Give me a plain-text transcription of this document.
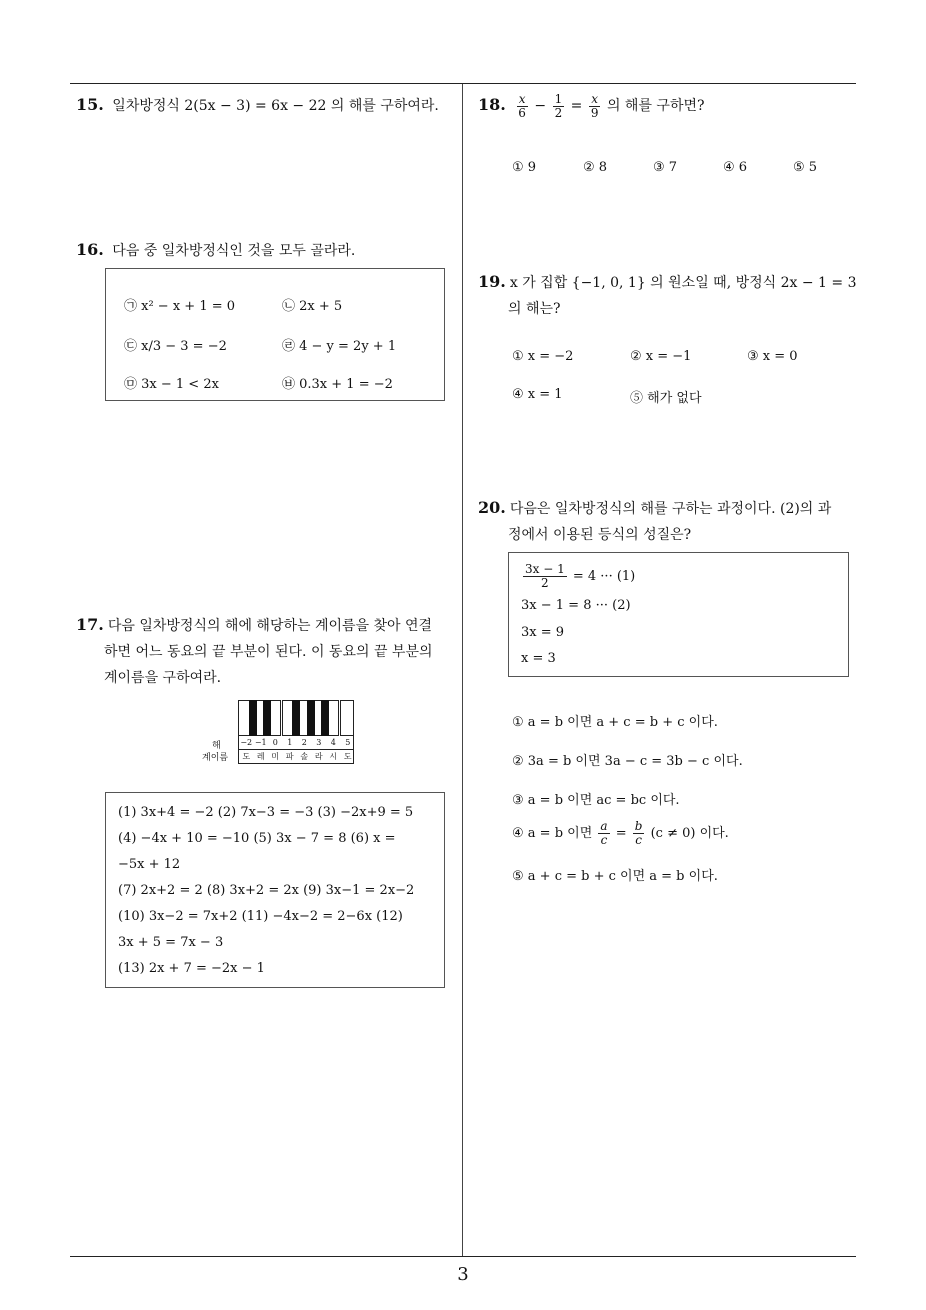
15. 일차방정식 2(5x − 3) = 6x − 22 의 해를 구하여라.
16. 다음 중 일차방정식인 것을 모두 골라라.
㉠ x² − x + 1 = 0	㉡ 2x + 5
㉢ x/3 − 3 = −2	㉣ 4 − y = 2y + 1
㉤ 3x − 1 < 2x	㉥ 0.3x + 1 = −2
17. 다음 일차방정식의 해에 해당하는 계이름을 찾아 연결
하면 어느 동요의 끝 부분이 된다. 이 동요의 끝 부분의
계이름을 구하여라.
해
계이름
−2 −1 0	1	2	3	4	5
도 레 미 파 솔 라 시 도
(1) 3x+4 = −2 (2) 7x−3 = −3 (3) −2x+9 = 5
(4) −4x + 10 = −10 (5) 3x − 7 = 8 (6) x =
−5x + 12
(7) 2x+2 = 2 (8) 3x+2 = 2x (9) 3x−1 = 2x−2
(10) 3x−2 = 7x+2 (11) −4x−2 = 2−6x (12)
3x + 5 = 7x − 3
(13) 2x + 7 = −2x − 1
18. $\frac{x}{6} - \frac{1}{2} = \frac{x}{9}$ 의 해를 구하면?
① 9	② 8	③ 7	④ 6	⑤ 5
19. x 가 집합 {−1, 0, 1} 의 원소일 때, 방정식 2x − 1 = 3
의 해는?
① x = −2	② x = −1	③ x = 0
④ x = 1	⑤ 해가 없다
20. 다음은 일차방정식의 해를 구하는 과정이다. (2)의 과
정에서 이용된 등식의 성질은?
$\frac{3x - 1}{2} = 4$ ··· (1)
3x − 1 = 8 ··· (2)
3x = 9
x = 3
① a = b 이면 a + c = b + c 이다.
② 3a = b 이면 3a − c = 3b − c 이다.
③ a = b 이면 ac = bc 이다.
④ a = b 이면 $\frac{a}{c} = \frac{b}{c} (c \ne 0)$ 이다.
⑤ a + c = b + c 이면 a = b 이다.
3
